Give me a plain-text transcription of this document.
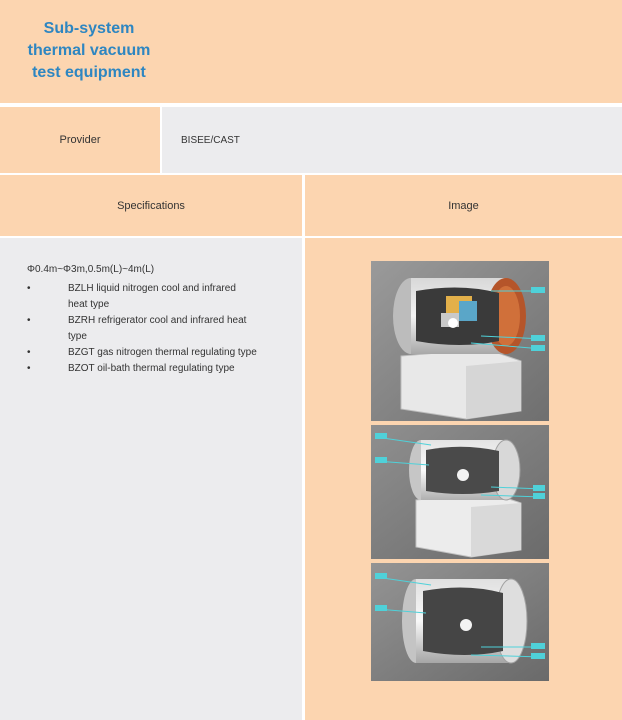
Sub-system thermal vacuum test equipment
Provider	BISEE/CAST
Specifications	Image
Φ0.4m~Φ3m,0.5m(L)~4m(L)
•	BZLH liquid nitrogen cool and infrared heat type
•	BZRH refrigerator cool and infrared heat type
•	BZGT gas nitrogen thermal regulating type
•	BZOT oil-bath thermal regulating type
